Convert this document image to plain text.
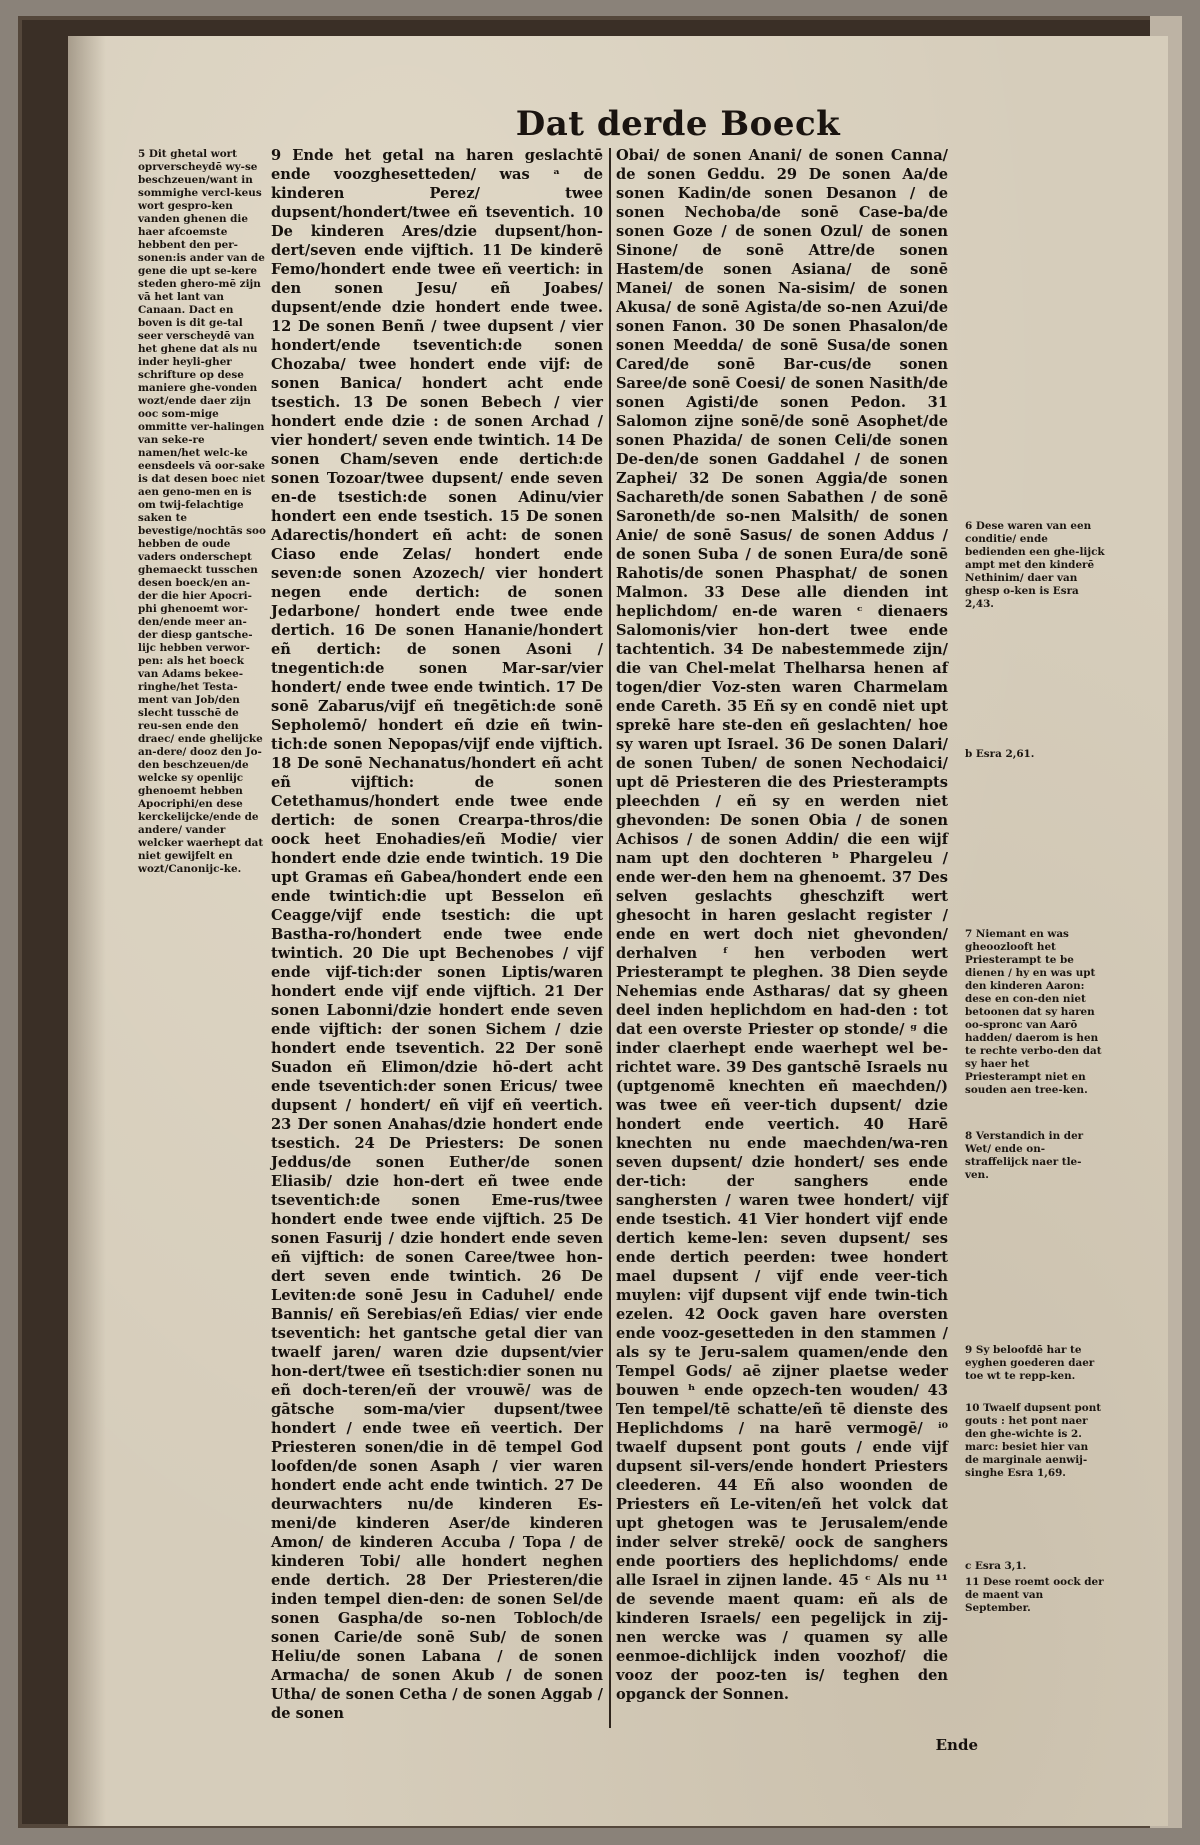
Dat derde Boeck
5 Dit ghetal wort oprverscheydē wy-se beschzeuen/want in sommighe vercl-keus wort gespro-ken vanden ghenen die haer afcoemste hebbent den per-sonen:is ander van de gene die upt se-kere steden ghero-mē zijn vā het lant van Canaan. Dact en boven is dit ge-tal seer verscheydē van het ghene dat als nu inder heyli-gher schrifture op dese maniere ghe-vonden wozt/ende daer zijn ooc som-mige ommitte ver-halingen van seke-re namen/het welc-ke eensdeels vā oor-sake is dat desen boec niet aen geno-men en is om twij-felachtige saken te bevestige/nochtās soo hebben de oude vaders onderschept ghemaeckt tusschen desen boeck/en an-der die hier Apocri-phi ghenoemt wor-den/ende meer an-der diesp gantsche-lijc hebben verwor-pen: als het boeck van Adams bekee-ringhe/het Testa-ment van Job/den slecht tusschē de reu-sen ende den draec/ ende ghelijcke an-dere/ dooz den Jo-den beschzeuen/de welcke sy openlijc ghenoemt hebben Apocriphi/en dese kerckelijcke/ende de andere/ vander welcker waerhept dat niet gewijfelt en wozt/Canonijc-ke.

9 Ende het getal na haren geslachtē ende voozghesetteden/ was ᵃ de kinderen Perez/ twee dupsent/hondert/twee eñ tseventich. 10 De kinderen Ares/dzie dupsent/hon-dert/seven ende vijftich. 11 De kinderē Femo/hondert ende twee eñ veertich: in den sonen Jesu/ eñ Joabes/ dupsent/ende dzie hondert ende twee. 12 De sonen Benñ / twee dupsent / vier hondert/ende tseventich:de sonen Chozaba/ twee hondert ende vijf: de sonen Banica/ hondert acht ende tsestich. 13 De sonen Bebech / vier hondert ende dzie : de sonen Archad / vier hondert/ seven ende twintich. 14 De sonen Cham/seven ende dertich:de sonen Tozoar/twee dupsent/ ende seven en-de tsestich:de sonen Adinu/vier hondert een ende tsestich. 15 De sonen Adarectis/hondert eñ acht: de sonen Ciaso ende Zelas/ hondert ende seven:de sonen Azozech/ vier hondert negen ende dertich: de sonen Jedarbone/ hondert ende twee ende dertich. 16 De sonen Hananie/hondert eñ dertich: de sonen Asoni / tnegentich:de sonen Mar-sar/vier hondert/ ende twee ende twintich. 17 De sonē Zabarus/vijf eñ tnegētich:de sonē Sepholemō/ hondert eñ dzie eñ twin-tich:de sonen Nepopas/vijf ende vijftich. 18 De sonē Nechanatus/hondert eñ acht eñ vijftich: de sonen Cetethamus/hondert ende twee ende dertich: de sonen Crearpa-thros/die oock heet Enohadies/eñ Modie/ vier hondert ende dzie ende twintich. 19 Die upt Gramas eñ Gabea/hondert ende een ende twintich:die upt Besselon eñ Ceagge/vijf ende tsestich: die upt Bastha-ro/hondert ende twee ende twintich. 20 Die upt Bechenobes / vijf ende vijf-tich:der sonen Liptis/waren hondert ende vijf ende vijftich. 21 Der sonen Labonni/dzie hondert ende seven ende vijftich: der sonen Sichem / dzie hondert ende tseventich. 22 Der sonē Suadon eñ Elimon/dzie hō-dert acht ende tseventich:der sonen Ericus/ twee dupsent / hondert/ eñ vijf eñ veertich. 23 Der sonen Anahas/dzie hondert ende tsestich. 24 De Priesters: De sonen Jeddus/de sonen Euther/de sonen Eliasib/ dzie hon-dert eñ twee ende tseventich:de sonen Eme-rus/twee hondert ende twee ende vijftich. 25 De sonen Fasurij / dzie hondert ende seven eñ vijftich: de sonen Caree/twee hon-dert seven ende twintich. 26 De Leviten:de sonē Jesu in Caduhel/ ende Bannis/ eñ Serebias/eñ Edias/ vier ende tseventich: het gantsche getal dier van twaelf jaren/ waren dzie dupsent/vier hon-dert/twee eñ tsestich:dier sonen nu eñ doch-teren/eñ der vrouwē/ was de gātsche som-ma/vier dupsent/twee hondert / ende twee eñ veertich. Der Priesteren sonen/die in dē tempel God loofden/de sonen Asaph / vier waren hondert ende acht ende twintich. 27 De deurwachters nu/de kinderen Es-meni/de kinderen Aser/de kinderen Amon/ de kinderen Accuba / Topa / de kinderen Tobi/ alle hondert neghen ende dertich. 28 Der Priesteren/die inden tempel dien-den: de sonen Sel/de sonen Gaspha/de so-nen Tobloch/de sonen Carie/de sonē Sub/ de sonen Heliu/de sonen Labana / de sonen Armacha/ de sonen Akub / de sonen Utha/ de sonen Cetha / de sonen Aggab / de sonen

Obai/ de sonen Anani/ de sonen Canna/ de sonen Geddu. 29 De sonen Aa/de sonen Kadin/de sonen Desanon / de sonen Nechoba/de sonē Case-ba/de sonen Goze / de sonen Ozul/ de sonen Sinone/ de sonē Attre/de sonen Hastem/de sonen Asiana/ de sonē Manei/ de sonen Na-sisim/ de sonen Akusa/ de sonē Agista/de so-nen Azui/de sonen Fanon. 30 De sonen Phasalon/de sonen Meedda/ de sonē Susa/de sonen Cared/de sonē Bar-cus/de sonen Saree/de sonē Coesi/ de sonen Nasith/de sonen Agisti/de sonen Pedon. 31 Salomon zijne sonē/de sonē Asophet/de sonen Phazida/ de sonen Celi/de sonen De-den/de sonen Gaddahel / de sonen Zaphei/ 32 De sonen Aggia/de sonen Sachareth/de sonen Sabathen / de sonē Saroneth/de so-nen Malsith/ de sonen Anie/ de sonē Sasus/ de sonen Addus / de sonen Suba / de sonen Eura/de sonē Rahotis/de sonen Phasphat/ de sonen Malmon. 33 Dese alle dienden int heplichdom/ en-de waren ᶜ dienaers Salomonis/vier hon-dert twee ende tachtentich. 34 De nabestemmede zijn/ die van Chel-melat Thelharsa henen af togen/dier Voz-sten waren Charmelam ende Careth. 35 Eñ sy en condē niet upt sprekē hare ste-den eñ geslachten/ hoe sy waren upt Israel. 36 De sonen Dalari/ de sonen Tuben/ de sonen Nechodaici/ upt dē Priesteren die des Priesterampts pleechden / eñ sy en werden niet ghevonden: De sonen Obia / de sonen Achisos / de sonen Addin/ die een wijf nam upt den dochteren ᵇ Phargeleu / ende wer-den hem na ghenoemt. 37 Des selven geslachts gheschzift wert ghesocht in haren geslacht register / ende en wert doch niet ghevonden/ derhalven ᶠ hen verboden wert Priesterampt te pleghen. 38 Dien seyde Nehemias ende Astharas/ dat sy gheen deel inden heplichdom en had-den : tot dat een overste Priester op stonde/ ᵍ die inder claerhept ende waerhept wel be-richtet ware. 39 Des gantschē Israels nu (uptgenomē knechten eñ maechden/) was twee eñ veer-tich dupsent/ dzie hondert ende veertich. 40 Harē knechten nu ende maechden/wa-ren seven dupsent/ dzie hondert/ ses ende der-tich: der sanghers ende sanghersten / waren twee hondert/ vijf ende tsestich. 41 Vier hondert vijf ende dertich keme-len: seven dupsent/ ses ende dertich peerden: twee hondert mael dupsent / vijf ende veer-tich muylen: vijf dupsent vijf ende twin-tich ezelen. 42 Oock gaven hare oversten ende vooz-gesetteden in den stammen / als sy te Jeru-salem quamen/ende den Tempel Gods/ aē zijner plaetse weder bouwen ʰ ende opzech-ten wouden/ 43 Ten tempel/tē schatte/eñ tē dienste des Heplichdoms / na harē vermogē/ ⁱ⁰ twaelf dupsent pont gouts / ende vijf dupsent sil-vers/ende hondert Priesters cleederen. 44 Eñ also woonden de Priesters eñ Le-viten/eñ het volck dat upt ghetogen was te Jerusalem/ende inder selver strekē/ oock de sanghers ende poortiers des heplichdoms/ ende alle Israel in zijnen lande. 45 ᶜ Als nu ¹¹ de sevende maent quam: eñ als de kinderen Israels/ een pegelijck in zij-nen wercke was / quamen sy alle eenmoe-dichlijck inden voozhof/ die vooz der pooz-ten is/ teghen den opganck der Sonnen.

6 Dese waren van een conditie/ ende bedienden een ghe-lijck ampt met den kinderē Nethinim/ daer van ghesp o-ken is Esra 2,43.
b Esra 2,61.
7 Niemant en was gheoozlooft het Priesterampt te be dienen / hy en was upt den kinderen Aaron: dese en con-den niet betoonen dat sy haren oo-spronc van Aarō hadden/ daerom is hen te rechte verbo-den dat sy haer het Priesterampt niet en souden aen tree-ken.
8 Verstandich in der Wet/ ende on-straffelijck naer tle-ven.
9 Sy beloofdē har te eyghen goederen daer toe wt te repp-ken.
10 Twaelf dupsent pont gouts : het pont naer den ghe-wichte is 2. marc: besiet hier van de marginale aenwij-singhe Esra 1,69.
c Esra 3,1.
11 Dese roemt oock der de maent van September.
Ende
